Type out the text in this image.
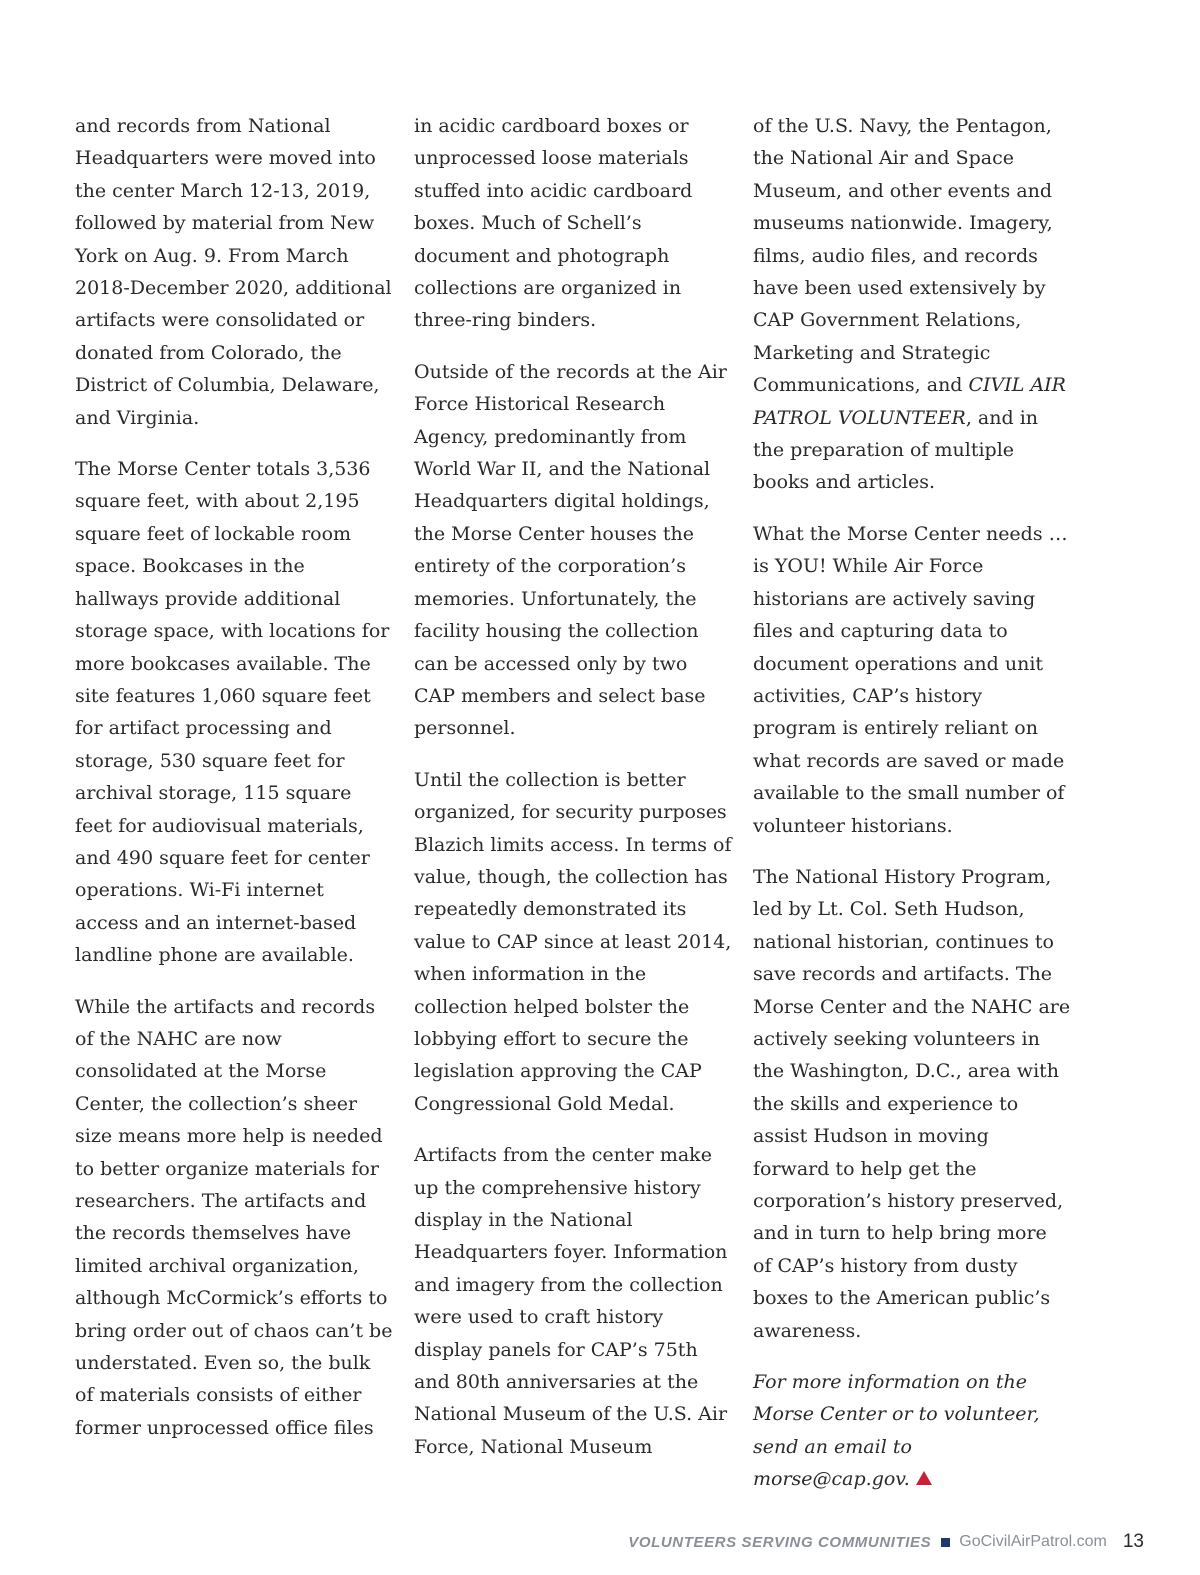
and records from National Headquarters were moved into the center March 12-13, 2019, followed by material from New York on Aug. 9. From March 2018-December 2020, additional artifacts were consolidated or donated from Colorado, the District of Columbia, Delaware, and Virginia.

The Morse Center totals 3,536 square feet, with about 2,195 square feet of lockable room space. Bookcases in the hallways provide additional storage space, with locations for more bookcases available. The site features 1,060 square feet for artifact processing and storage, 530 square feet for archival storage, 115 square feet for audiovisual materials, and 490 square feet for center operations. Wi-Fi internet access and an internet-based landline phone are available.

While the artifacts and records of the NAHC are now consolidated at the Morse Center, the collection’s sheer size means more help is needed to better organize materials for researchers. The artifacts and the records themselves have limited archival organization, although McCormick’s efforts to bring order out of chaos can’t be understated. Even so, the bulk of materials consists of either former unprocessed office files

in acidic cardboard boxes or unprocessed loose materials stuffed into acidic cardboard boxes. Much of Schell’s document and photograph collections are organized in three-ring binders.

Outside of the records at the Air Force Historical Research Agency, predominantly from World War II, and the National Headquarters digital holdings, the Morse Center houses the entirety of the corporation’s memories. Unfortunately, the facility housing the collection can be accessed only by two CAP members and select base personnel.

Until the collection is better organized, for security purposes Blazich limits access. In terms of value, though, the collection has repeatedly demonstrated its value to CAP since at least 2014, when information in the collection helped bolster the lobbying effort to secure the legislation approving the CAP Congressional Gold Medal.

Artifacts from the center make up the comprehensive history display in the National Headquarters foyer. Information and imagery from the collection were used to craft history display panels for CAP’s 75th and 80th anniversaries at the National Museum of the U.S. Air Force, National Museum

of the U.S. Navy, the Pentagon, the National Air and Space Museum, and other events and museums nationwide. Imagery, films, audio files, and records have been used extensively by CAP Government Relations, Marketing and Strategic Communications, and CIVIL AIR PATROL VOLUNTEER, and in the preparation of multiple books and articles.

What the Morse Center needs … is YOU! While Air Force historians are actively saving files and capturing data to document operations and unit activities, CAP’s history program is entirely reliant on what records are saved or made available to the small number of volunteer historians.

The National History Program, led by Lt. Col. Seth Hudson, national historian, continues to save records and artifacts. The Morse Center and the NAHC are actively seeking volunteers in the Washington, D.C., area with the skills and experience to assist Hudson in moving forward to help get the corporation’s history preserved, and in turn to help bring more of CAP’s history from dusty boxes to the American public’s awareness.

For more information on the Morse Center or to volunteer, send an email to morse@cap.gov.

VOLUNTEERS SERVING COMMUNITIES GoCivilAirPatrol.com 13
